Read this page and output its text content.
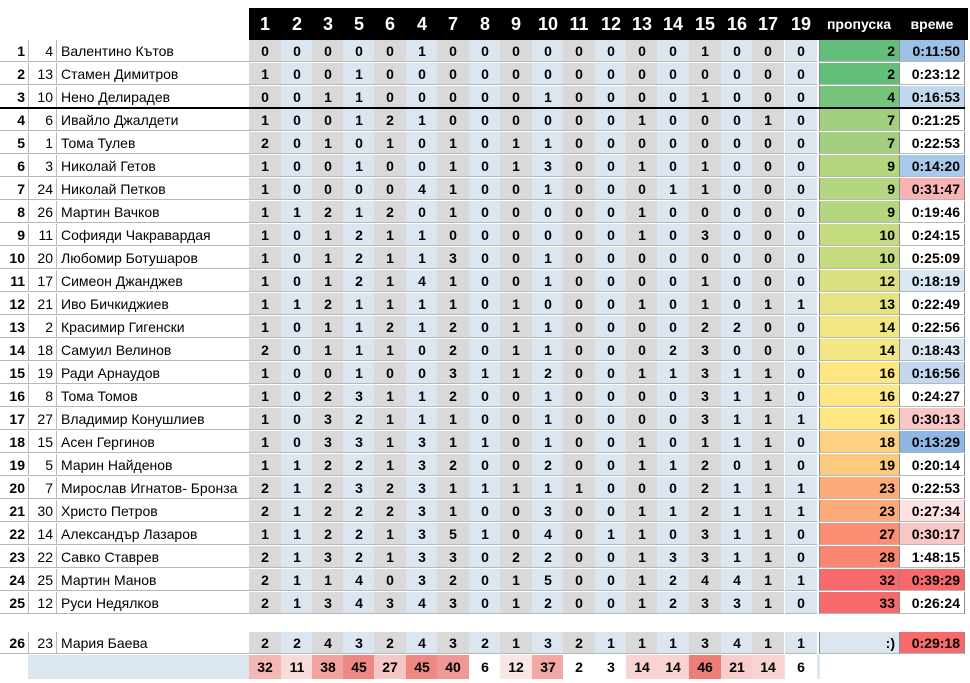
1	2	3	5	6	4	7	8	9 10 11 12 13 14 15 16 17 19	пропуска	време
1	4 Валентино Кътов	0	0	0	0	0	1	0	0	0	0	0	0	0	0	1	0	0	0	2	0:11:50
2 13 Стамен Димитров	1	0	0	1	0	0	0	0	0	0	0	0	0	0	0	0	0	0	2	0:23:12
3 10 Нено Делирадев	0	0	1	1	0	0	0	0	0	1	0	0	0	0	1	0	0	0	4	0:16:53
4	6 Ивайло Джалдети	1	0	0	1	2	1	0	0	0	0	0	0	1	0	0	0	1	0	7	0:21:25
5	1 Тома Тулев	2	0	1	0	1	0	1	0	1	1	0	0	0	0	0	0	0	0	7	0:22:53
6	3 Николай Гетов	1	0	0	1	0	0	1	0	1	3	0	0	1	0	1	0	0	0	9	0:14:20
7 24 Николай Петков	1	0	0	0	0	4	1	0	0	1	0	0	0	1	1	0	0	0	9	0:31:47
8 26 Мартин Вачков	1	1	2	1	2	0	1	0	0	0	0	0	1	0	0	0	0	0	9	0:19:46
9 11 Софияди Чакравардая	1	0	1	2	1	1	0	0	0	0	0	0	1	0	3	0	0	0	10	0:24:15
10 20 Любомир Ботушаров	1	0	1	2	1	1	3	0	0	1	0	0	0	0	0	0	0	0	10	0:25:09
11 17 Симеон Джанджев	1	0	1	2	1	4	1	0	0	1	0	0	0	0	1	0	0	0	12	0:18:19
12 21 Иво Бичкиджиев	1	1	2	1	1	1	1	0	1	0	0	0	1	0	1	0	1	1	13	0:22:49
13	2 Красимир Гигенски	1	0	1	1	2	1	2	0	1	1	0	0	0	0	2	2	0	0	14	0:22:56
14 18 Самуил Велинов	2	0	1	1	1	0	2	0	1	1	0	0	0	2	3	0	0	0	14	0:18:43
15 19 Ради Арнаудов	1	0	0	1	0	0	3	1	1	2	0	0	1	1	3	1	1	0	16	0:16:56
16	8 Тома Томов	1	0	2	3	1	1	2	0	0	1	0	0	0	0	3	1	1	0	16	0:24:27
17 27 Владимир Конушлиев	1	0	3	2	1	1	1	0	0	1	0	0	0	0	3	1	1	1	16	0:30:13
18 15 Асен Гергинов	1	0	3	3	1	3	1	1	0	1	0	0	1	0	1	1	1	0	18	0:13:29
19	5 Марин Найденов	1	1	2	2	1	3	2	0	0	2	0	0	1	1	2	0	1	0	19	0:20:14
20	7 Мирослав Игнатов- Бронза	2	1	2	3	2	3	1	1	1	1	1	0	0	0	2	1	1	1	23	0:22:53
21 30 Христо Петров	2	1	2	2	2	3	1	0	0	3	0	0	1	1	2	1	1	1	23	0:27:34
22 14 Александър Лазаров	1	1	2	2	1	3	5	1	0	4	0	1	1	0	3	1	1	0	27	0:30:17
23 22 Савко Ставрев	2	1	3	2	1	3	3	0	2	2	0	0	1	3	3	1	1	0	28	1:48:15
24 25 Мартин Манов	2	1	1	4	0	3	2	0	1	5	0	0	1	2	4	4	1	1	32	0:39:29
25 12 Руси Недялков	2	1	3	4	3	4	3	0	1	2	0	0	1	2	3	3	1	0	33	0:26:24
26 23 Мария Баева	2	2	4	3	2	4	3	2	1	3	2	1	1	1	3	4	1	1	:)	0:29:18
32	11	38	45	27	45	40	6	12	37	2	3	14	14	46	21	14	6
